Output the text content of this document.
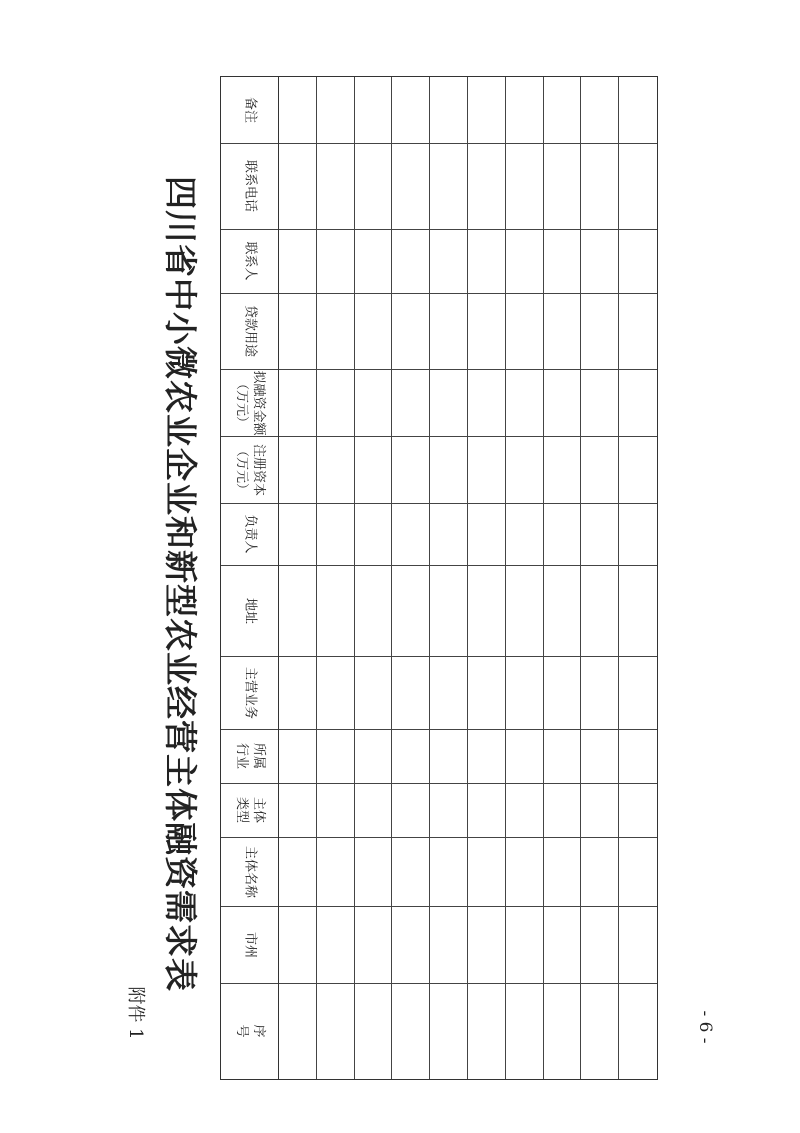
附件 1
四川省中小微农业企业和新型农业经营主体融资需求表
序
号
市州
主体名称
主体
类型
所属
行业
主营业务
地址
负责人
注册资本
（万元）
拟融资金额
（万元）
贷款用途
联系人
联系电话
备注
- 6 -
